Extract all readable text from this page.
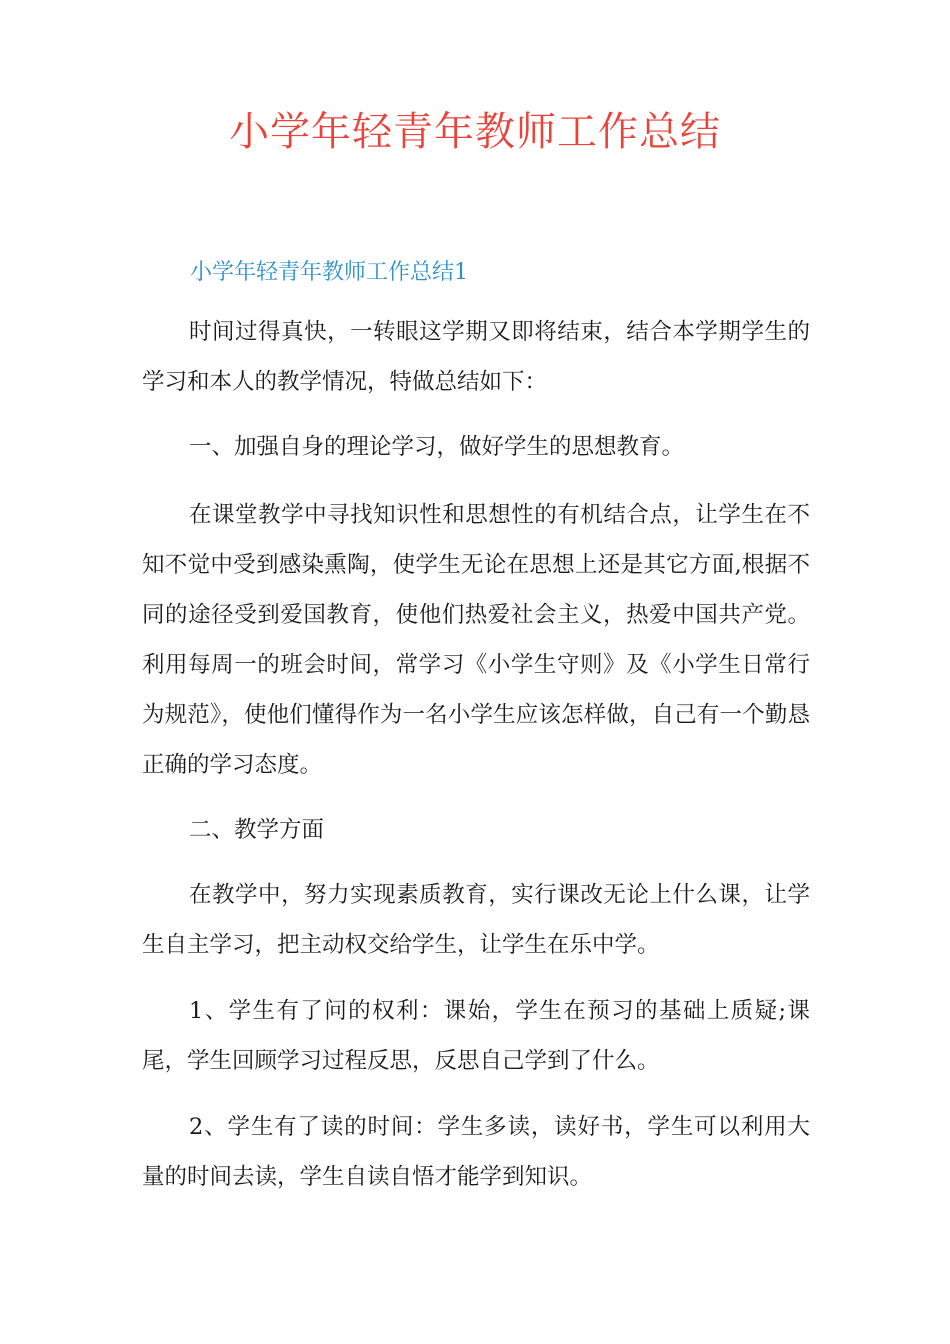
小学年轻青年教师工作总结
小学年轻青年教师工作总结1

时间过得真快，一转眼这学期又即将结束，结合本学期学生的学习和本人的教学情况，特做总结如下：

一、加强自身的理论学习，做好学生的思想教育。

在课堂教学中寻找知识性和思想性的有机结合点，让学生在不知不觉中受到感染熏陶，使学生无论在思想上还是其它方面,根据不同的途径受到爱国教育，使他们热爱社会主义，热爱中国共产党。利用每周一的班会时间，常学习《小学生守则》及《小学生日常行为规范》，使他们懂得作为一名小学生应该怎样做，自己有一个勤恳正确的学习态度。

二、教学方面

在教学中，努力实现素质教育，实行课改无论上什么课，让学生自主学习，把主动权交给学生，让学生在乐中学。

1、学生有了问的权利：课始，学生在预习的基础上质疑;课尾，学生回顾学习过程反思，反思自己学到了什么。

2、学生有了读的时间：学生多读，读好书，学生可以利用大量的时间去读，学生自读自悟才能学到知识。
